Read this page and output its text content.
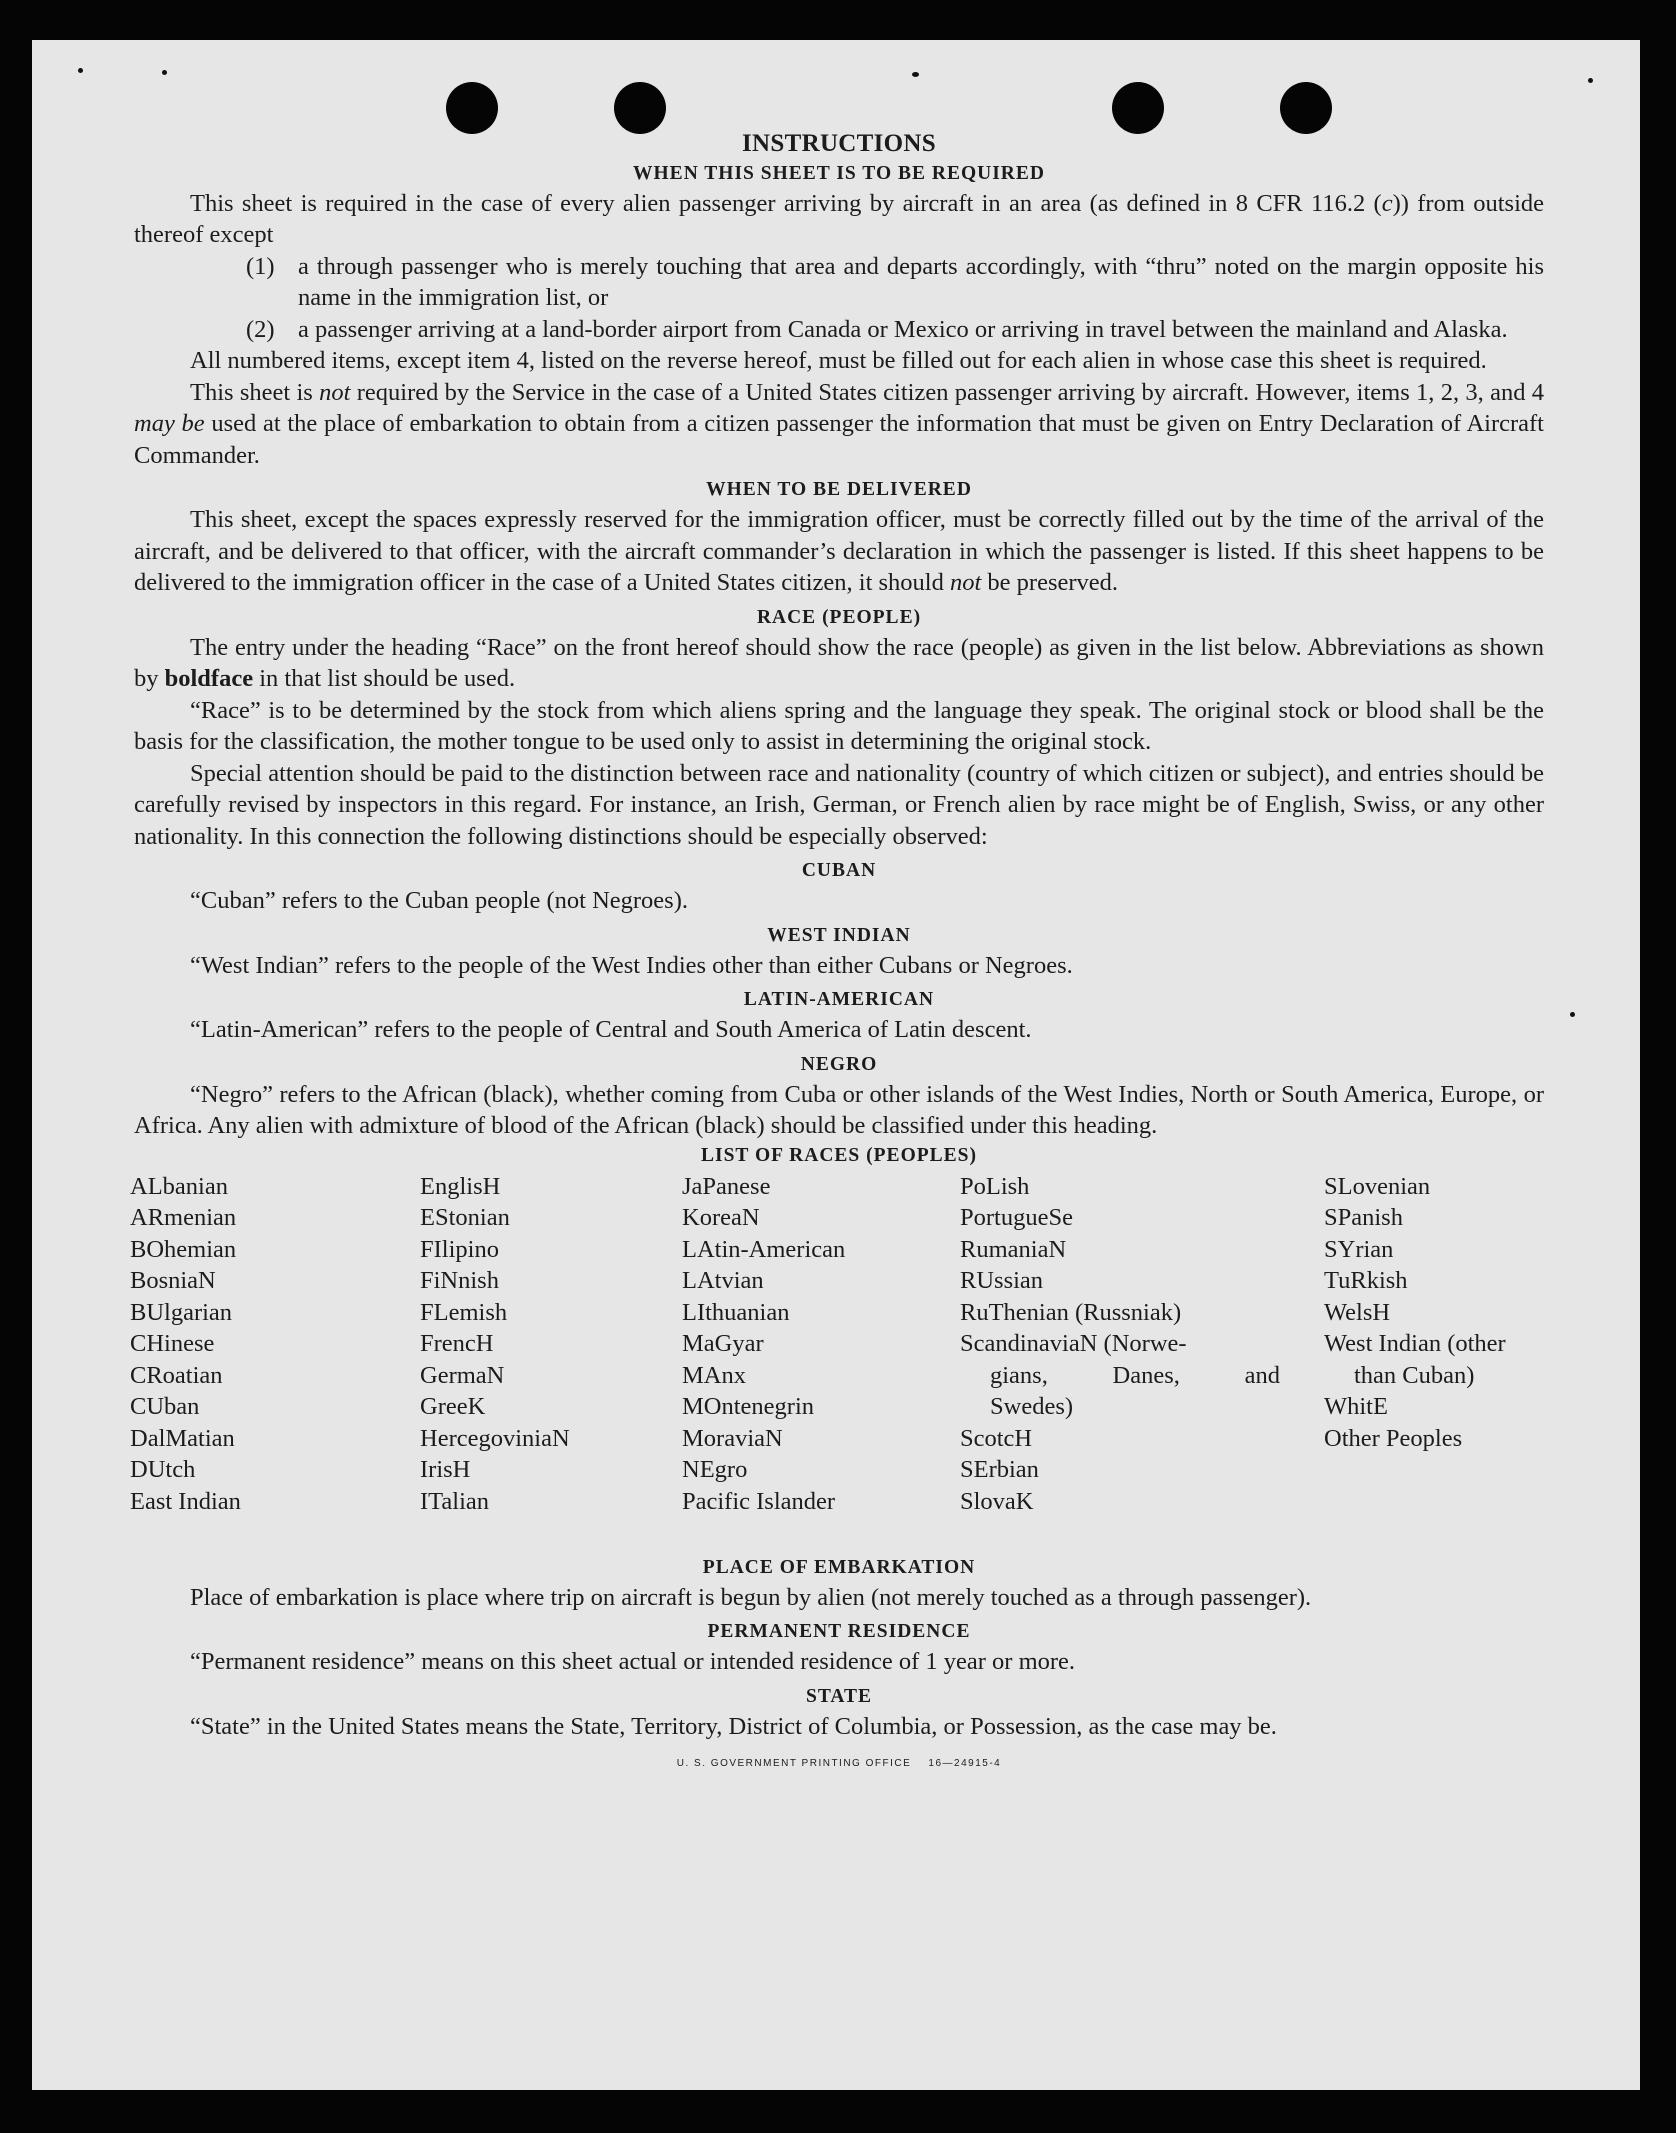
INSTRUCTIONS
WHEN THIS SHEET IS TO BE REQUIRED

This sheet is required in the case of every alien passenger arriving by aircraft in an area (as defined in 8 CFR 116.2 (c)) from outside thereof except

(1) a through passenger who is merely touching that area and departs accordingly, with “thru” noted on the margin opposite his name in the immigration list, or
(2) a passenger arriving at a land-border airport from Canada or Mexico or arriving in travel between the mainland and Alaska.

All numbered items, except item 4, listed on the reverse hereof, must be filled out for each alien in whose case this sheet is required.

This sheet is not required by the Service in the case of a United States citizen passenger arriving by aircraft. However, items 1, 2, 3, and 4 may be used at the place of embarkation to obtain from a citizen passenger the information that must be given on Entry Declaration of Aircraft Commander.

WHEN TO BE DELIVERED

This sheet, except the spaces expressly reserved for the immigration officer, must be correctly filled out by the time of the arrival of the aircraft, and be delivered to that officer, with the aircraft commander’s declaration in which the passenger is listed. If this sheet happens to be delivered to the immigration officer in the case of a United States citizen, it should not be preserved.

RACE (PEOPLE)

The entry under the heading “Race” on the front hereof should show the race (people) as given in the list below. Abbreviations as shown by boldface in that list should be used.

“Race” is to be determined by the stock from which aliens spring and the language they speak. The original stock or blood shall be the basis for the classification, the mother tongue to be used only to assist in determining the original stock.

Special attention should be paid to the distinction between race and nationality (country of which citizen or subject), and entries should be carefully revised by inspectors in this regard. For instance, an Irish, German, or French alien by race might be of English, Swiss, or any other nationality. In this connection the following distinctions should be especially observed:

CUBAN

“Cuban” refers to the Cuban people (not Negroes).

WEST INDIAN

“West Indian” refers to the people of the West Indies other than either Cubans or Negroes.

LATIN-AMERICAN

“Latin-American” refers to the people of Central and South America of Latin descent.

NEGRO

“Negro” refers to the African (black), whether coming from Cuba or other islands of the West Indies, North or South America, Europe, or Africa. Any alien with admixture of blood of the African (black) should be classified under this heading.

LIST OF RACES (PEOPLES)
ALbanian
ARmenian
BOhemian
BosniaN
BUlgarian
CHinese
CRoatian
CUban
DalMatian
DUtch
East Indian
EnglisH
EStonian
FIlipino
FiNnish
FLemish
FrencH
GermaN
GreeK
HercegoviniaN
IrisH
ITalian
JaPanese
KoreaN
LAtin-American
LAtvian
LIthuanian
MaGyar
MAnx
MOntenegrin
MoraviaN
NEgro
Pacific Islander
PoLish
PortugueSe
RumaniaN
RUssian
RuThenian (Russniak)
ScandinaviaN (Norwe-
gians, Danes, and
Swedes)
ScotcH
SErbian
SlovaK
SLovenian
SPanish
SYrian
TuRkish
WelsH
West Indian (other
than Cuban)
WhitE
Other Peoples
PLACE OF EMBARKATION

Place of embarkation is place where trip on aircraft is begun by alien (not merely touched as a through passenger).

PERMANENT RESIDENCE

“Permanent residence” means on this sheet actual or intended residence of 1 year or more.

STATE

“State” in the United States means the State, Territory, District of Columbia, or Possession, as the case may be.

U. S. GOVERNMENT PRINTING OFFICE    16—24915-4
